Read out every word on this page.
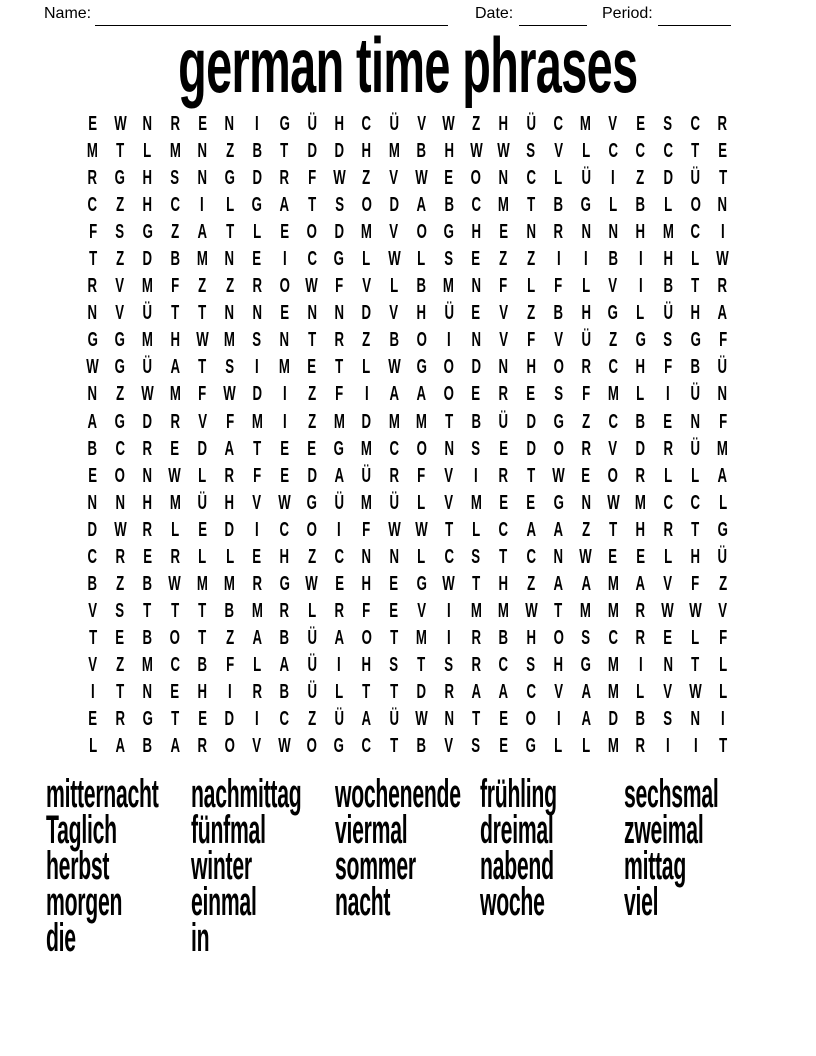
Name:	Date:	Period:
german time phrases
E W N R E N	I	G Ü H C Ü V W Z H Ü C M V E S C R
M T L M N Z B T D D H M B H W W S V L C C C T E
R G H S N G D R F W Z V W E O N C L Ü	I	Z D Ü T
C Z H C	I	L G A T S O D A B C M T B G L B L O N
F S G Z A T L E O D M V O G H E N R N N H M C	I
T Z D B M N E	I	C G L W L S E Z Z	I	I	B	I	H L W
R V M F Z Z R O W F V L B M N F L F L V	I	B T R
N V Ü T T N N E N N D V H Ü E V Z B H G L Ü H A
G G M H W M S N T R Z B O	I	N V F V Ü Z G S G F
W G Ü A T S	I	M E T L W G O D N H O R C H F B Ü
N Z W M F W D	I	Z F	I	A A O E R E S F M L	I	Ü N
A G D R V F M	I	Z M D M M T B Ü D G Z C B E N F
B C R E D A T E E G M C O N S E D O R V D R Ü M
E O N W L R F E D A Ü R F V	I	R T W E O R L L A
N N H M Ü H V W G Ü M Ü L V M E E G N W M C C L
D W R L E D	I	C O	I	F W W T L C A A Z T H R T G
C R E R L L E H Z C N N L C S T C N W E E L H Ü
B Z B W M M R G W E H E G W T H Z A A M A V F Z
V S T T T B M R L R F E V	I	M M W T M M R W W V
T E B O T Z A B Ü A O T M	I	R B H O S C R E L F
V Z M C B F L A Ü	I	H S T S R C S H G M	I	N T L
I	T N E H	I	R B Ü L T T D R A A C V A M L V W L
E R G T E D	I	C Z Ü A Ü W N T E O	I	A D B S N	I
L A B A R O V W O G C T B V S E G L L M R	I	I	T
mitternacht nachmittag wochenende frühling	sechsmal
Taglich	fünfmal	viermal	dreimal	zweimal
herbst	winter	sommer	nabend	mittag
morgen	einmal	nacht	woche	viel
die	in
